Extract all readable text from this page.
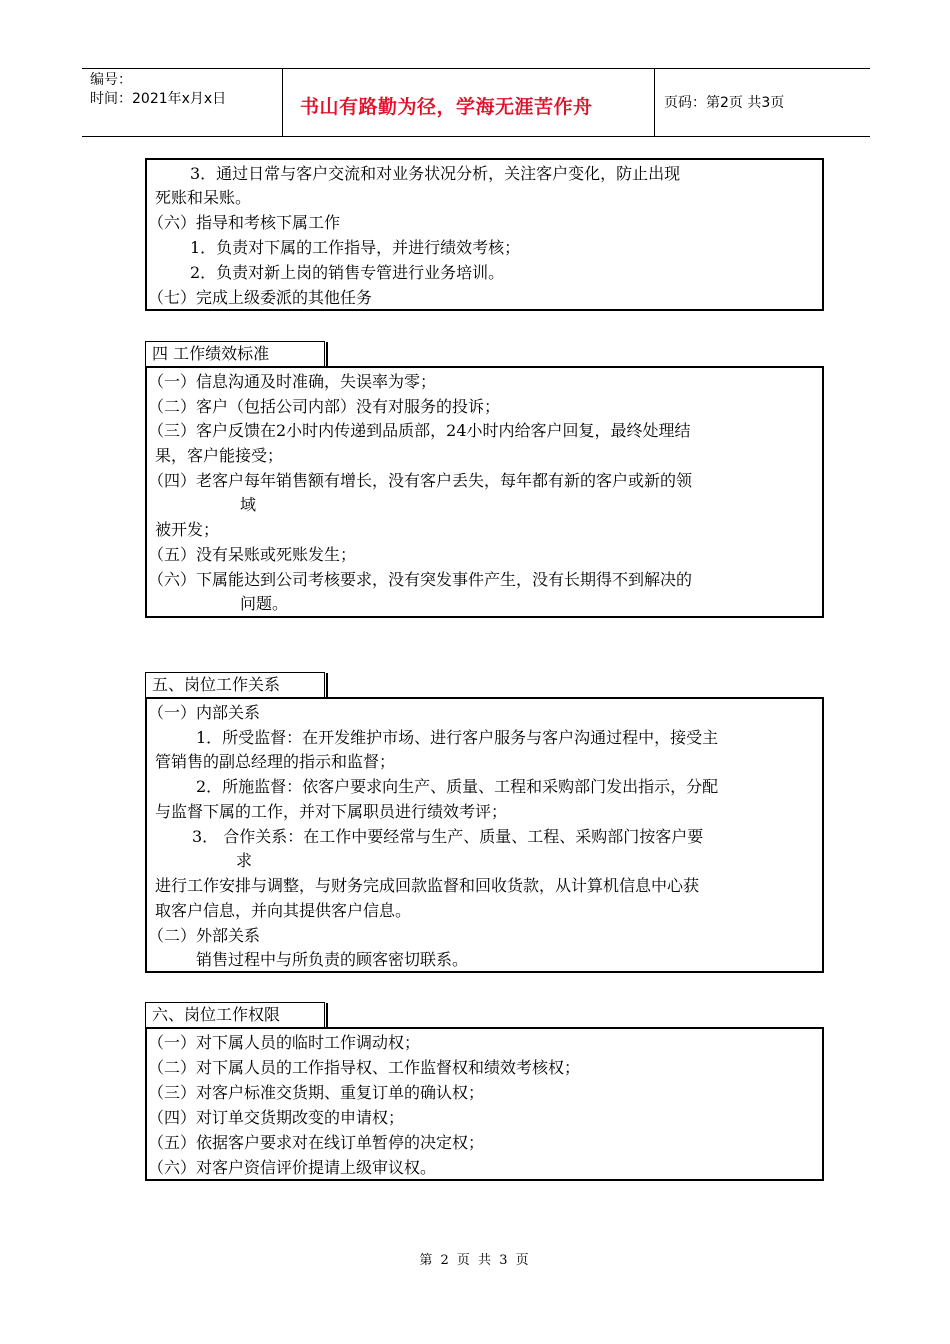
编号：
时间：2021年x月x日	书山有路勤为径，学海无涯苦作舟	页码：第2页 共3页
3．通过日常与客户交流和对业务状况分析，关注客户变化，防止出现
死账和呆账。
（六）指导和考核下属工作
1．负责对下属的工作指导，并进行绩效考核；
2．负责对新上岗的销售专管进行业务培训。
（七）完成上级委派的其他任务
四 工作绩效标准
（一）信息沟通及时准确，失误率为零；
（二）客户（包括公司内部）没有对服务的投诉；
（三）客户反馈在2小时内传递到品质部，24小时内给客户回复，最终处理结
果，客户能接受；
（四）老客户每年销售额有增长，没有客户丢失，每年都有新的客户或新的领
域
被开发；
（五）没有呆账或死账发生；
（六）下属能达到公司考核要求，没有突发事件产生，没有长期得不到解决的
问题。
五、岗位工作关系
（一）内部关系
1．所受监督：在开发维护市场、进行客户服务与客户沟通过程中，接受主
管销售的副总经理的指示和监督；
2．所施监督：依客户要求向生产、质量、工程和采购部门发出指示，分配
与监督下属的工作，并对下属职员进行绩效考评；
3． 合作关系：在工作中要经常与生产、质量、工程、采购部门按客户要
求
进行工作安排与调整，与财务完成回款监督和回收货款，从计算机信息中心获
取客户信息，并向其提供客户信息。
（二）外部关系
销售过程中与所负责的顾客密切联系。
六、岗位工作权限
（一）对下属人员的临时工作调动权；
（二）对下属人员的工作指导权、工作监督权和绩效考核权；
（三）对客户标准交货期、重复订单的确认权；
（四）对订单交货期改变的申请权；
（五）依据客户要求对在线订单暂停的决定权；
（六）对客户资信评价提请上级审议权。
第 2 页 共 3 页
